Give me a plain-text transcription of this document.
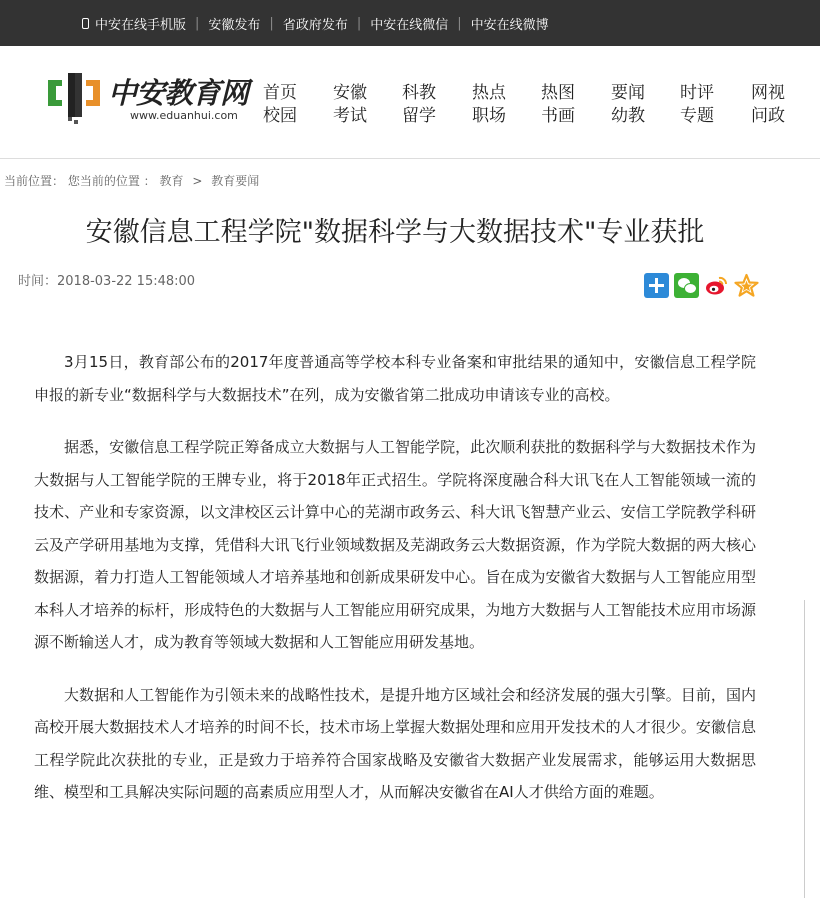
中安在线手机版 | 安徽发布 | 省政府发布 | 中安在线微信 | 中安在线微博
中安教育网
www.eduanhui.com
首页
校园
安徽
考试
科教
留学
热点
职场
热图
书画
要闻
幼教
时评
专题
网视
问政
当前位置： 您当前的位置 ： 教育 > 教育要闻
安徽信息工程学院"数据科学与大数据技术"专业获批
时间：2018-03-22 15:48:00

3月15日，教育部公布的2017年度普通高等学校本科专业备案和审批结果的通知中，安徽信息工程学院申报的新专业“数据科学与大数据技术”在列，成为安徽省第二批成功申请该专业的高校。

据悉，安徽信息工程学院正筹备成立大数据与人工智能学院，此次顺利获批的数据科学与大数据技术作为大数据与人工智能学院的王牌专业，将于2018年正式招生。学院将深度融合科大讯飞在人工智能领域一流的技术、产业和专家资源，以文津校区云计算中心的芜湖市政务云、科大讯飞智慧产业云、安信工学院教学科研云及产学研用基地为支撑，凭借科大讯飞行业领域数据及芜湖政务云大数据资源，作为学院大数据的两大核心数据源，着力打造人工智能领域人才培养基地和创新成果研发中心。旨在成为安徽省大数据与人工智能应用型本科人才培养的标杆，形成特色的大数据与人工智能应用研究成果，为地方大数据与人工智能技术应用市场源源不断输送人才，成为教育等领域大数据和人工智能应用研发基地。

大数据和人工智能作为引领未来的战略性技术，是提升地方区域社会和经济发展的强大引擎。目前，国内高校开展大数据技术人才培养的时间不长，技术市场上掌握大数据处理和应用开发技术的人才很少。安徽信息工程学院此次获批的专业，正是致力于培养符合国家战略及安徽省大数据产业发展需求，能够运用大数据思维、模型和工具解决实际问题的高素质应用型人才，从而解决安徽省在AI人才供给方面的难题。
